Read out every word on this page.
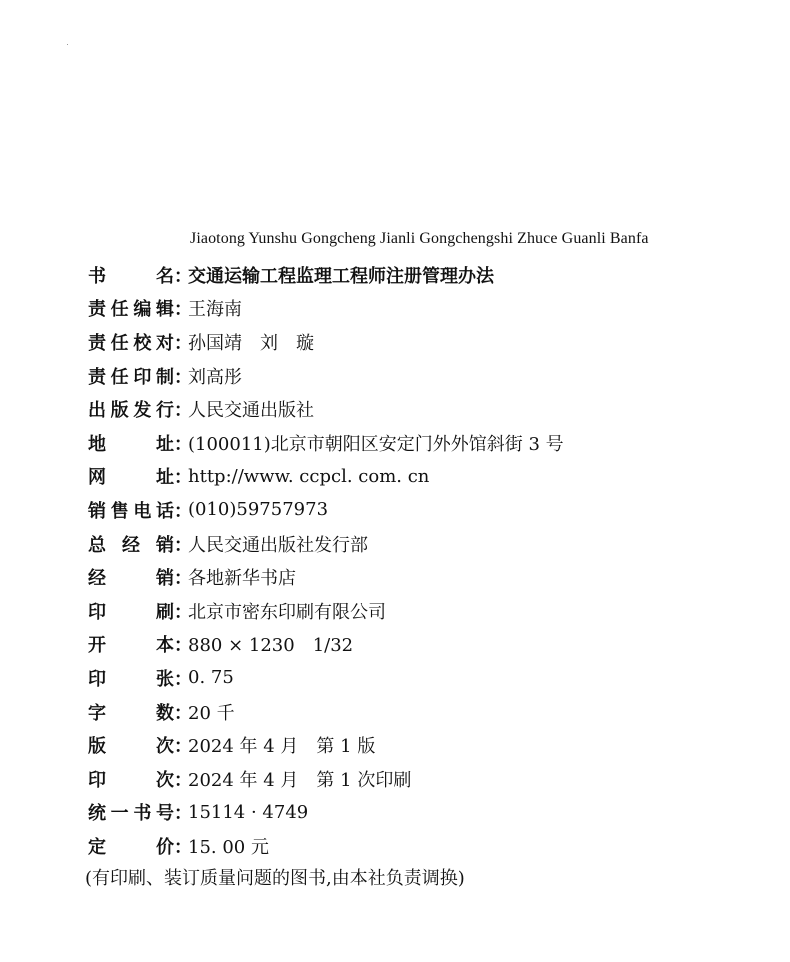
Jiaotong Yunshu Gongcheng Jianli Gongchengshi Zhuce Guanli Banfa
书名 ：
交通运输工程监理工程师注册管理办法
责任编辑 ：
王海南
责任校对 ：
孙国靖　刘　璇
责任印制 ：
刘高彤
出版发行 ：
人民交通出版社
地址 ：
(100011)北京市朝阳区安定门外外馆斜街 3 号
网址 ：
http://www. ccpcl. com. cn
销售电话 ：
(010)59757973
总经销 ：
人民交通出版社发行部
经销 ：
各地新华书店
印刷 ：
北京市密东印刷有限公司
开本 ：
880 × 1230　1/32
印张 ：
0. 75
字数 ：
20 千
版次 ：
2024 年 4 月　第 1 版
印次 ：
2024 年 4 月　第 1 次印刷
统一书号 ：
15114 · 4749
定价 ：
15. 00 元
(有印刷、装订质量问题的图书,由本社负责调换)
